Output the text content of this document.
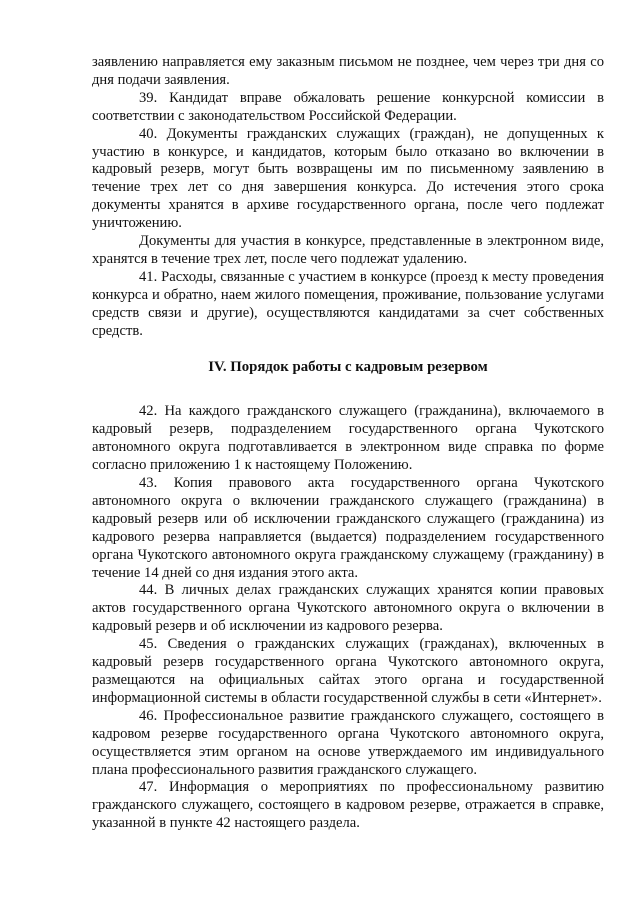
заявлению направляется ему заказным письмом не позднее, чем через три дня со дня подачи заявления.

39. Кандидат вправе обжаловать решение конкурсной комиссии в соответствии с законодательством Российской Федерации.

40. Документы гражданских служащих (граждан), не допущенных к участию в конкурсе, и кандидатов, которым было отказано во включении в кадровый резерв, могут быть возвращены им по письменному заявлению в течение трех лет со дня завершения конкурса. До истечения этого срока документы хранятся в архиве государственного органа, после чего подлежат уничтожению.

Документы для участия в конкурсе, представленные в электронном виде, хранятся в течение трех лет, после чего подлежат удалению.

41. Расходы, связанные с участием в конкурсе (проезд к месту проведения конкурса и обратно, наем жилого помещения, проживание, пользование услугами средств связи и другие), осуществляются кандидатами за счет собственных средств.

IV. Порядок работы с кадровым резервом

42. На каждого гражданского служащего (гражданина), включаемого в кадровый резерв, подразделением государственного органа Чукотского автономного округа подготавливается в электронном виде справка по форме согласно приложению 1 к настоящему Положению.

43. Копия правового акта государственного органа Чукотского автономного округа о включении гражданского служащего (гражданина) в кадровый резерв или об исключении гражданского служащего (гражданина) из кадрового резерва направляется (выдается) подразделением государственного органа Чукотского автономного округа гражданскому служащему (гражданину) в течение 14 дней со дня издания этого акта.

44. В личных делах гражданских служащих хранятся копии правовых актов государственного органа Чукотского автономного округа о включении в кадровый резерв и об исключении из кадрового резерва.

45. Сведения о гражданских служащих (гражданах), включенных в кадровый резерв государственного органа Чукотского автономного округа, размещаются на официальных сайтах этого органа и государственной информационной системы в области государственной службы в сети «Интернет».

46. Профессиональное развитие гражданского служащего, состоящего в кадровом резерве государственного органа Чукотского автономного округа, осуществляется этим органом на основе утверждаемого им индивидуального плана профессионального развития гражданского служащего.

47. Информация о мероприятиях по профессиональному развитию гражданского служащего, состоящего в кадровом резерве, отражается в справке, указанной в пункте 42 настоящего раздела.
